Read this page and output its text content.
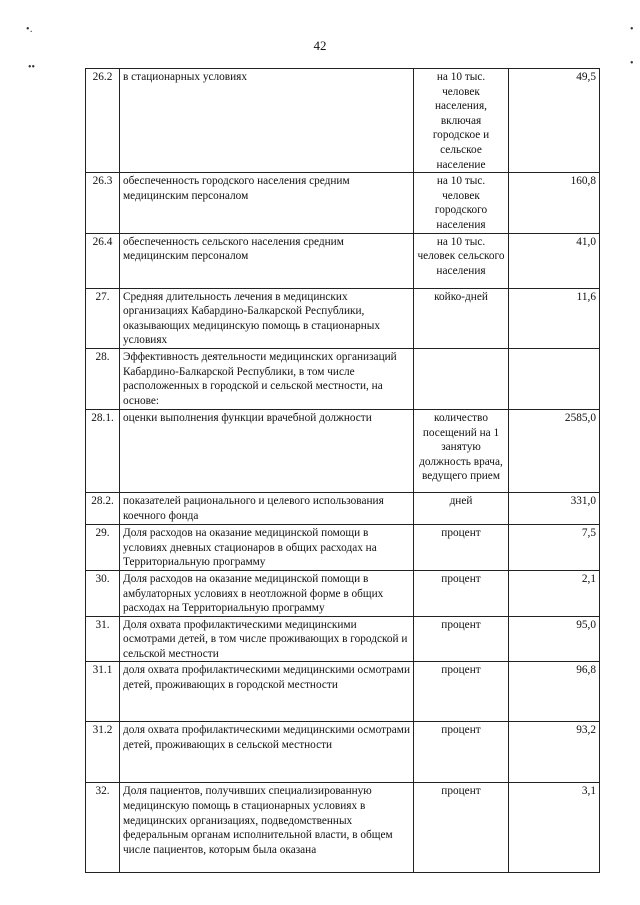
•․
••
•
•
42
26.2	в стационарных условиях	на 10 тыс. человек населения, включая городское и сельское население	49,5
26.3	обеспеченность городского населения средним медицинским персоналом	на 10 тыс. человек городского населения	160,8
26.4	обеспеченность сельского населения средним медицинским персоналом	на 10 тыс. человек сельского населения	41,0
27.	Средняя длительность лечения в медицинских организациях Кабардино-Балкарской Республики, оказывающих медицинскую помощь в стационарных условиях	койко-дней	11,6
28.	Эффективность деятельности медицинских организаций Кабардино-Балкарской Республики, в том числе расположенных в городской и сельской местности, на основе:		
28.1.	оценки выполнения функции врачебной должности	количество посещений на 1 занятую должность врача, ведущего прием	2585,0
28.2.	показателей рационального и целевого использования коечного фонда	дней	331,0
29.	Доля расходов на оказание медицинской помощи в условиях дневных стационаров в общих расходах на Территориальную программу	процент	7,5
30.	Доля расходов на оказание медицинской помощи в амбулаторных условиях в неотложной форме в общих расходах на Территориальную программу	процент	2,1
31.	Доля охвата профилактическими медицинскими осмотрами детей, в том числе проживающих в городской и сельской местности	процент	95,0
31.1	доля охвата профилактическими медицинскими осмотрами детей, проживающих в городской местности	процент	96,8
31.2	доля охвата профилактическими медицинскими осмотрами детей, проживающих в сельской местности	процент	93,2
32.	Доля пациентов, получивших специализированную медицинскую помощь в стационарных условиях в медицинских организациях, подведомственных федеральным органам исполнительной власти, в общем числе пациентов, которым была оказана	процент	3,1
